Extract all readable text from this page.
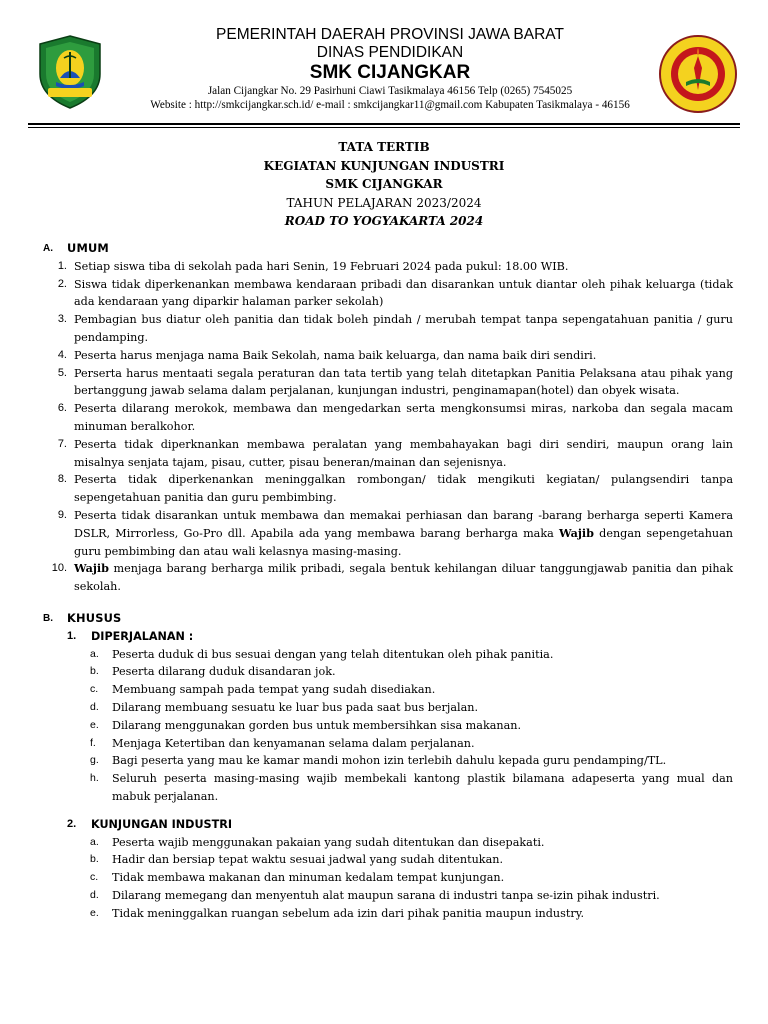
PEMERINTAH DAERAH PROVINSI JAWA BARAT
DINAS PENDIDIKAN
SMK CIJANGKAR
Jalan Cijangkar No. 29 Pasirhuni Ciawi Tasikmalaya 46156 Telp (0265) 7545025
Website : http://smkcijangkar.sch.id/ e-mail : smkcijangkar11@gmail.com Kabupaten Tasikmalaya - 46156
TATA TERTIB
KEGIATAN KUNJUNGAN INDUSTRI
SMK CIJANGKAR
TAHUN PELAJARAN 2023/2024
ROAD TO YOGYAKARTA 2024
A.	UMUM
1. Setiap siswa tiba di sekolah pada hari Senin, 19 Februari 2024 pada pukul: 18.00 WIB.
2. Siswa tidak diperkenankan membawa kendaraan pribadi dan disarankan untuk diantar oleh pihak keluarga (tidak ada kendaraan yang diparkir halaman parker sekolah)
3. Pembagian bus diatur oleh panitia dan tidak boleh pindah / merubah tempat tanpa sepengatahuan panitia / guru pendamping.
4. Peserta harus menjaga nama Baik Sekolah, nama baik keluarga, dan nama baik diri sendiri.
5. Perserta harus mentaati segala peraturan dan tata tertib yang telah ditetapkan Panitia Pelaksana atau pihak yang bertanggung jawab selama dalam perjalanan, kunjungan industri, penginamapan(hotel) dan obyek wisata.
6. Peserta dilarang merokok, membawa dan mengedarkan serta mengkonsumsi miras, narkoba dan segala macam minuman beralkohor.
7. Peserta tidak diperknankan membawa peralatan yang membahayakan bagi diri sendiri, maupun orang lain misalnya senjata tajam, pisau, cutter, pisau beneran/mainan dan sejenisnya.
8. Peserta tidak diperkenankan meninggalkan rombongan/ tidak mengikuti kegiatan/ pulangsendiri tanpa sepengetahuan panitia dan guru pembimbing.
9. Peserta tidak disarankan untuk membawa dan memakai perhiasan dan barang -barang berharga seperti Kamera DSLR, Mirrorless, Go-Pro dll. Apabila ada yang membawa barang berharga maka Wajib dengan sepengetahuan guru pembimbing dan atau wali kelasnya masing-masing.
10. Wajib menjaga barang berharga milik pribadi, segala bentuk kehilangan diluar tanggungjawab panitia dan pihak sekolah.
B.	KHUSUS
1.	DIPERJALANAN :
a.	Peserta duduk di bus sesuai dengan yang telah ditentukan oleh pihak panitia.
b.	Peserta dilarang duduk disandaran jok.
c.	Membuang sampah pada tempat yang sudah disediakan.
d.	Dilarang membuang sesuatu ke luar bus pada saat bus berjalan.
e.	Dilarang menggunakan gorden bus untuk membersihkan sisa makanan.
f.	Menjaga Ketertiban dan kenyamanan selama dalam perjalanan.
g.	Bagi peserta yang mau ke kamar mandi mohon izin terlebih dahulu kepada guru pendamping/TL.
h.	Seluruh peserta masing-masing wajib membekali kantong plastik bilamana adapeserta yang mual dan mabuk perjalanan.
2.	KUNJUNGAN INDUSTRI
a.	Peserta wajib menggunakan pakaian yang sudah ditentukan dan disepakati.
b.	Hadir dan bersiap tepat waktu sesuai jadwal yang sudah ditentukan.
c.	Tidak membawa makanan dan minuman kedalam tempat kunjungan.
d.	Dilarang memegang dan menyentuh alat maupun sarana di industri tanpa se-izin pihak industri.
e.	Tidak meninggalkan ruangan sebelum ada izin dari pihak panitia maupun industry.
